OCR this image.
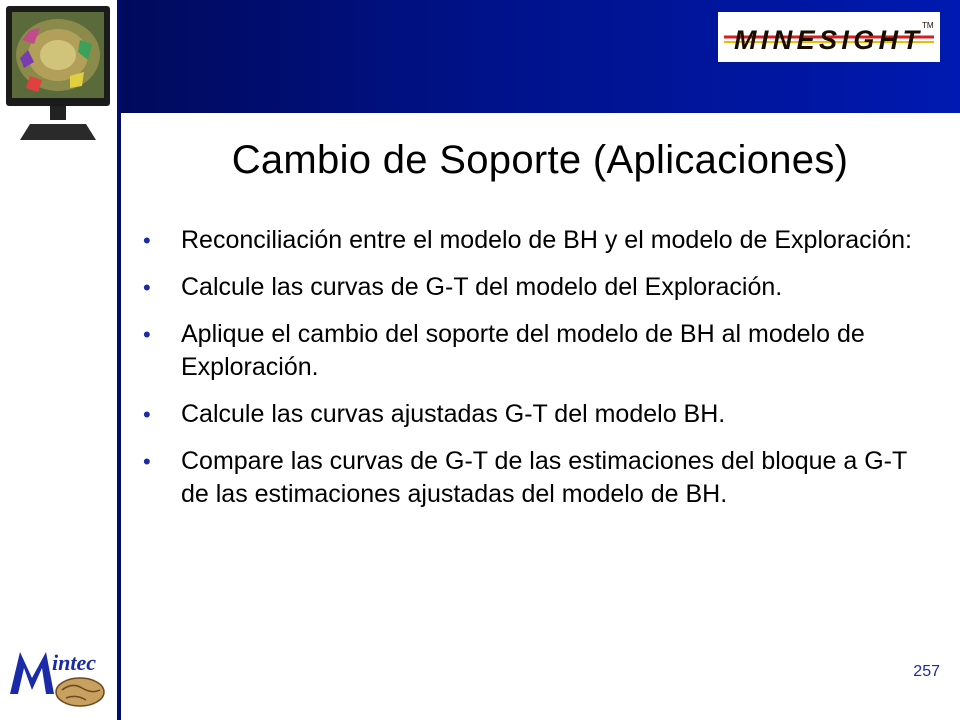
MINESIGHT TM
Cambio de Soporte (Aplicaciones)
• Reconciliación entre el modelo de BH y el modelo de Exploración:
• Calcule las curvas de G-T del modelo del Exploración.
• Aplique el cambio del soporte del modelo de BH al modelo de Exploración.
• Calcule las curvas ajustadas G-T del modelo BH.
• Compare las curvas de G-T de las estimaciones del bloque a G-T de las estimaciones ajustadas del modelo de BH.
intec	257
